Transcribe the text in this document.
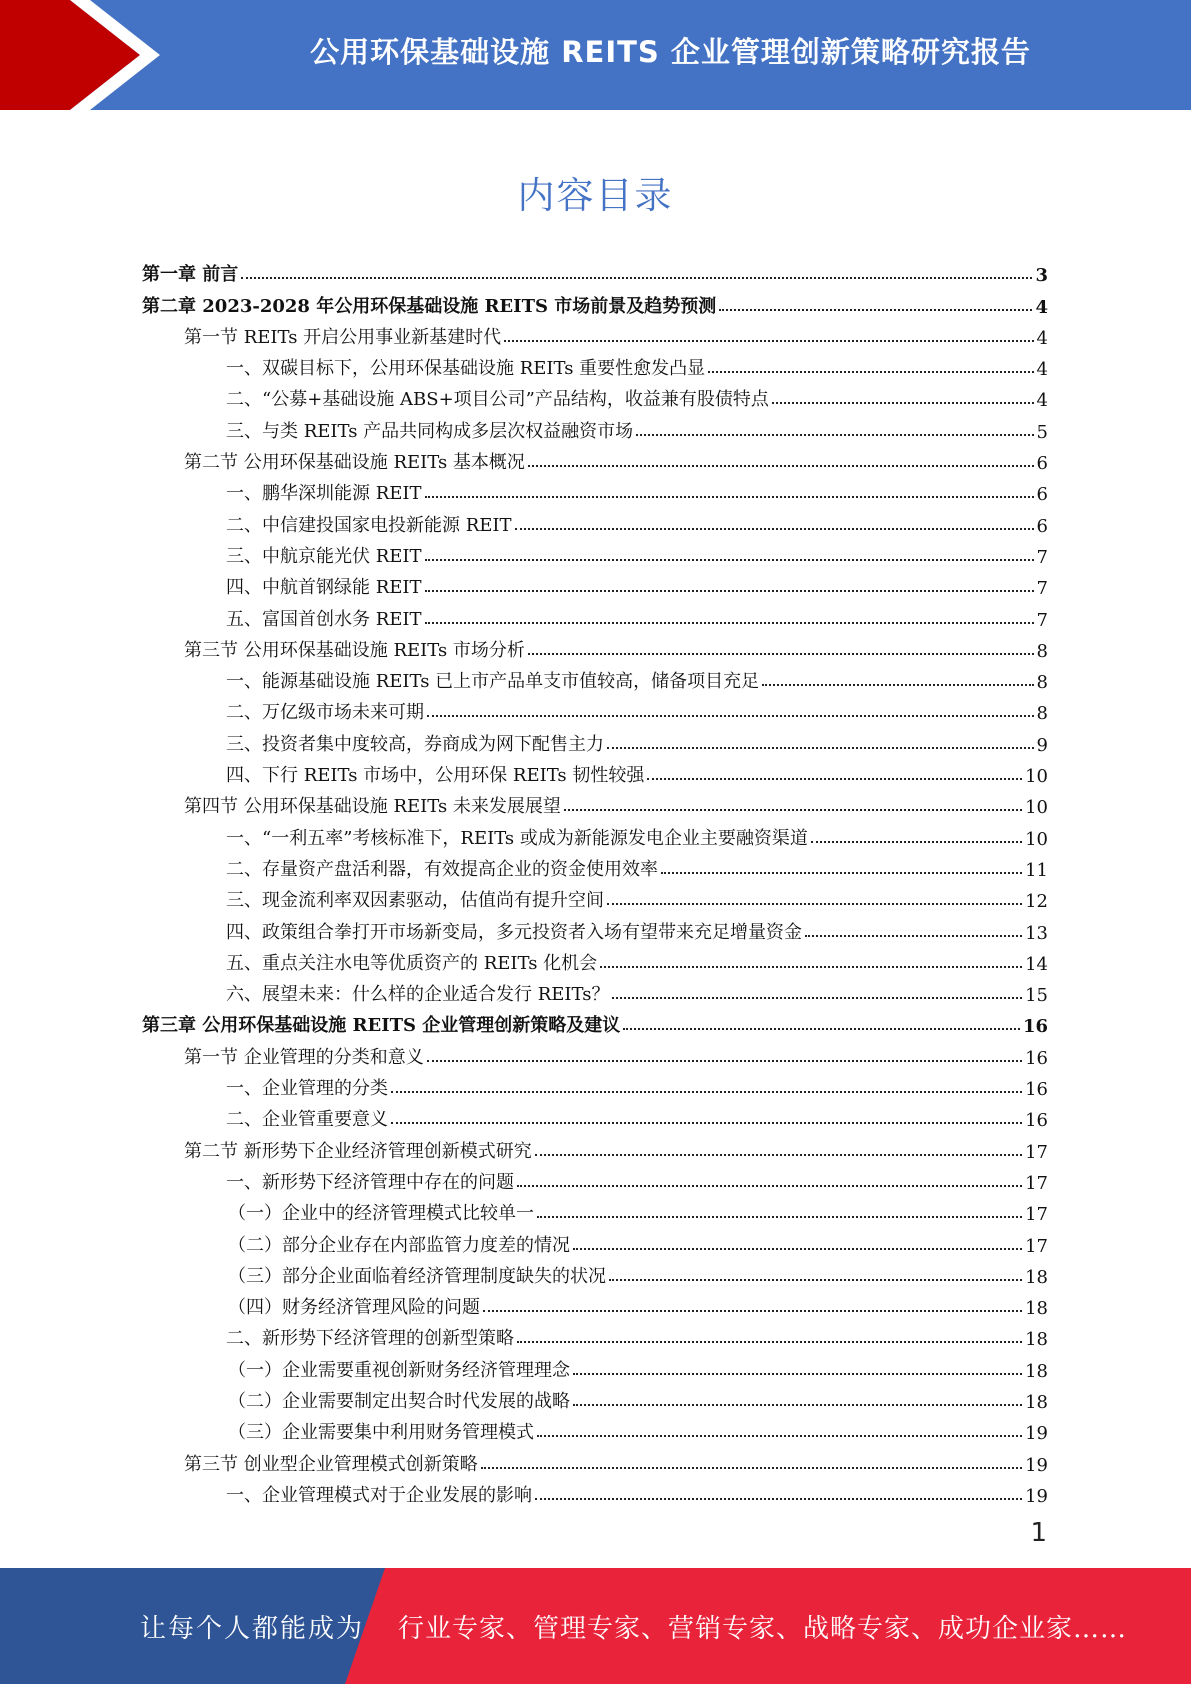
公用环保基础设施 REITS 企业管理创新策略研究报告
内容目录
第一章 前言	3
第二章 2023-2028 年公用环保基础设施 REITS 市场前景及趋势预测	4
第一节 REITs 开启公用事业新基建时代	4
一、双碳目标下，公用环保基础设施 REITs 重要性愈发凸显	4
二、“公募+基础设施 ABS+项目公司”产品结构，收益兼有股债特点	4
三、与类 REITs 产品共同构成多层次权益融资市场	5
第二节 公用环保基础设施 REITs 基本概况	6
一、鹏华深圳能源 REIT	6
二、中信建投国家电投新能源 REIT	6
三、中航京能光伏 REIT	7
四、中航首钢绿能 REIT	7
五、富国首创水务 REIT	7
第三节 公用环保基础设施 REITs 市场分析	8
一、能源基础设施 REITs 已上市产品单支市值较高，储备项目充足	8
二、万亿级市场未来可期	8
三、投资者集中度较高，券商成为网下配售主力	9
四、下行 REITs 市场中，公用环保 REITs 韧性较强	10
第四节 公用环保基础设施 REITs 未来发展展望	10
一、“一利五率”考核标准下，REITs 或成为新能源发电企业主要融资渠道	10
二、存量资产盘活利器，有效提高企业的资金使用效率	11
三、现金流利率双因素驱动，估值尚有提升空间	12
四、政策组合拳打开市场新变局，多元投资者入场有望带来充足增量资金	13
五、重点关注水电等优质资产的 REITs 化机会	14
六、展望未来：什么样的企业适合发行 REITs？	15
第三章 公用环保基础设施 REITS 企业管理创新策略及建议	16
第一节 企业管理的分类和意义	16
一、企业管理的分类	16
二、企业管重要意义	16
第二节 新形势下企业经济管理创新模式研究	17
一、新形势下经济管理中存在的问题	17
（一）企业中的经济管理模式比较单一	17
（二）部分企业存在内部监管力度差的情况	17
（三）部分企业面临着经济管理制度缺失的状况	18
（四）财务经济管理风险的问题	18
二、新形势下经济管理的创新型策略	18
（一）企业需要重视创新财务经济管理理念	18
（二）企业需要制定出契合时代发展的战略	18
（三）企业需要集中利用财务管理模式	19
第三节 创业型企业管理模式创新策略	19
一、企业管理模式对于企业发展的影响	19
1
让每个人都能成为 行业专家、管理专家、营销专家、战略专家、成功企业家……
